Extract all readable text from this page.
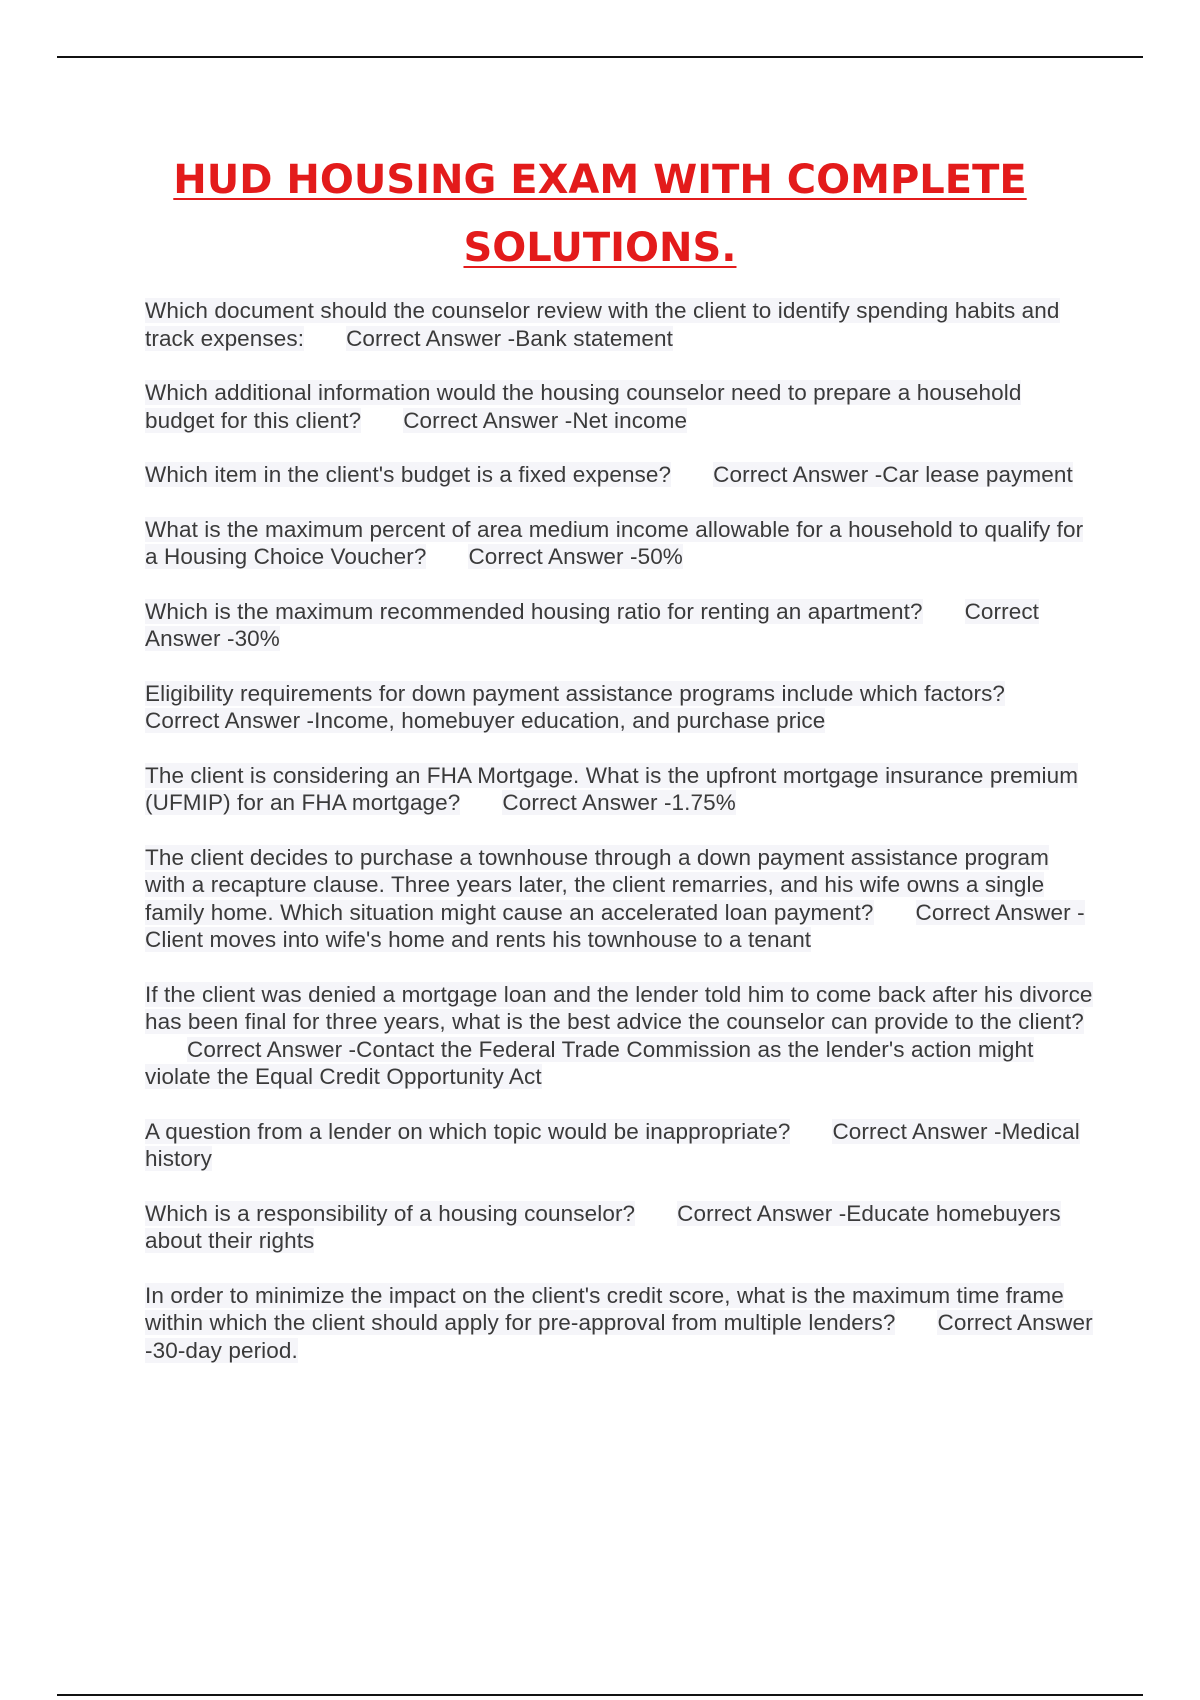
HUD HOUSING EXAM WITH COMPLETE
SOLUTIONS.

Which document should the counselor review with the client to identify spending habits and track expenses: Correct Answer -Bank statement

Which additional information would the housing counselor need to prepare a household budget for this client? Correct Answer -Net income

Which item in the client's budget is a fixed expense? Correct Answer -Car lease payment

What is the maximum percent of area medium income allowable for a household to qualify for a Housing Choice Voucher? Correct Answer -50%

Which is the maximum recommended housing ratio for renting an apartment? Correct Answer -30%

Eligibility requirements for down payment assistance programs include which factors?Correct Answer -Income, homebuyer education, and purchase price

The client is considering an FHA Mortgage. What is the upfront mortgage insurance premium (UFMIP) for an FHA mortgage? Correct Answer -1.75%

The client decides to purchase a townhouse through a down payment assistance program with a recapture clause. Three years later, the client remarries, and his wife owns a single family home. Which situation might cause an accelerated loan payment? Correct Answer -Client moves into wife's home and rents his townhouse to a tenant

If the client was denied a mortgage loan and the lender told him to come back after his divorce has been final for three years, what is the best advice the counselor can provide to the client?Correct Answer -Contact the Federal Trade Commission as the lender's action might violate the Equal Credit Opportunity Act

A question from a lender on which topic would be inappropriate? Correct Answer -Medical history

Which is a responsibility of a housing counselor? Correct Answer -Educate homebuyers about their rights

In order to minimize the impact on the client's credit score, what is the maximum time frame within which the client should apply for pre-approval from multiple lenders? Correct Answer -30-day period.
